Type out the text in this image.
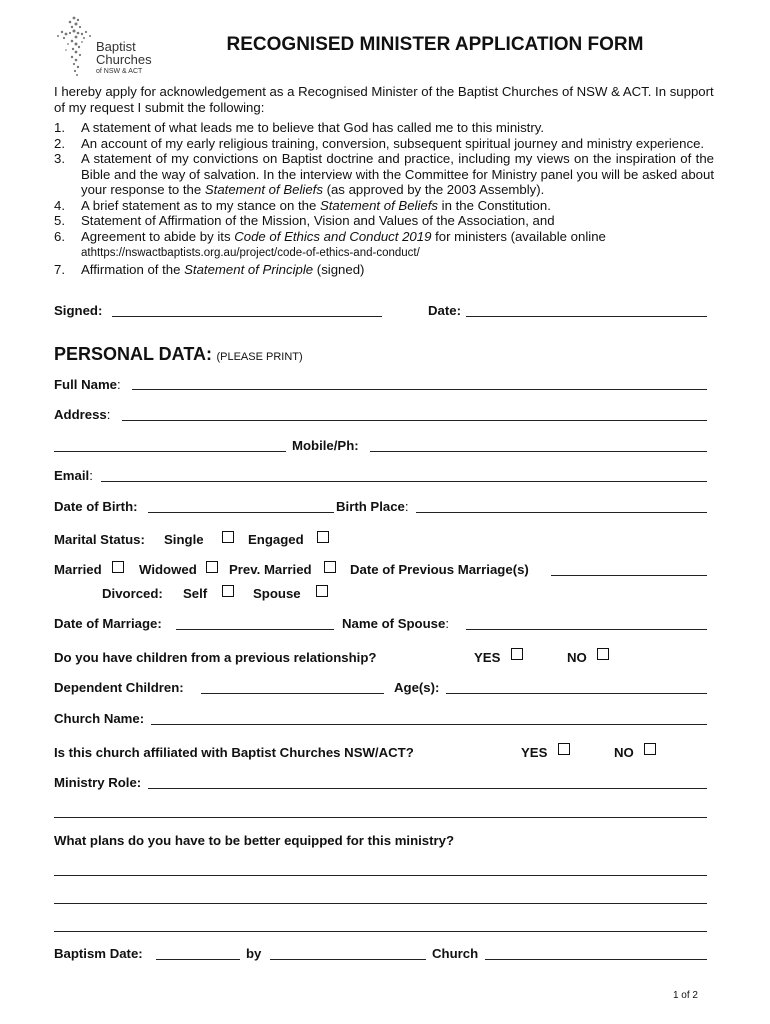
Baptist
Churches
of NSW & ACT
RECOGNISED MINISTER APPLICATION FORM
I hereby apply for acknowledgement as a Recognised Minister of the Baptist Churches of NSW & ACT. In support of my request I submit the following:
1. A statement of what leads me to believe that God has called me to this ministry.
2. An account of my early religious training, conversion, subsequent spiritual journey and ministry experience.
3. A statement of my convictions on Baptist doctrine and practice, including my views on the inspiration of the Bible and the way of salvation. In the interview with the Committee for Ministry panel you will be asked about your response to the Statement of Beliefs (as approved by the 2003 Assembly).
4. A brief statement as to my stance on the Statement of Beliefs in the Constitution.
5. Statement of Affirmation of the Mission, Vision and Values of the Association, and
6. Agreement to abide by its Code of Ethics and Conduct 2019 for ministers (available online
athttps://nswactbaptists.org.au/project/code-of-ethics-and-conduct/
7. Affirmation of the Statement of Principle (signed)
Signed:	Date:
PERSONAL DATA: (PLEASE PRINT)
Full Name:
Address:
Mobile/Ph:
Email:
Date of Birth:	Birth Place:
Marital Status: Single	Engaged
Married	Widowed Prev. Married	Date of Previous Marriage(s)
Divorced: Self	Spouse
Date of Marriage:	Name of Spouse:
Do you have children from a previous relationship?	YES	NO
Dependent Children:	Age(s):
Church Name:
Is this church affiliated with Baptist Churches NSW/ACT?	YES	NO
Ministry Role:
What plans do you have to be better equipped for this ministry?
Baptism Date:	by	Church
1 of 2
